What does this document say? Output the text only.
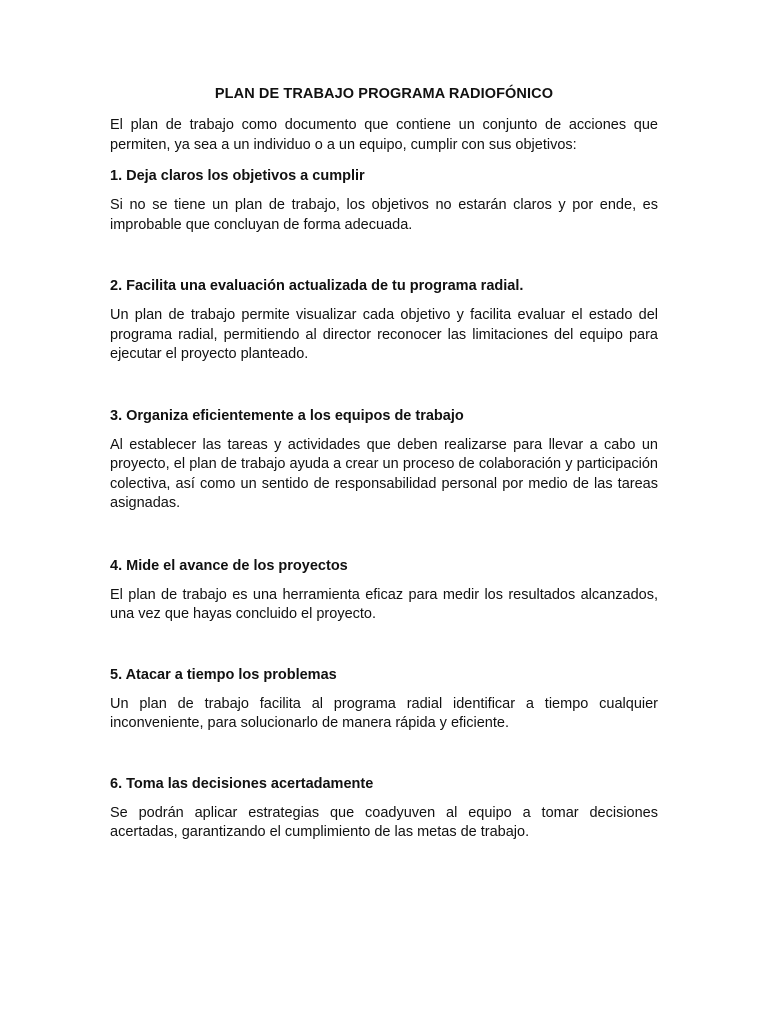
PLAN DE TRABAJO PROGRAMA RADIOFÓNICO
El plan de trabajo como documento que contiene un conjunto de acciones que permiten, ya sea a un individuo o a un equipo, cumplir con sus objetivos:
1. Deja claros los objetivos a cumplir
Si no se tiene un plan de trabajo, los objetivos no estarán claros y por ende, es improbable que concluyan de forma adecuada.
2. Facilita una evaluación actualizada de tu programa radial.
Un plan de trabajo permite visualizar cada objetivo y facilita evaluar el estado del programa radial, permitiendo al director reconocer las limitaciones del equipo para ejecutar el proyecto planteado.
3. Organiza eficientemente a los equipos de trabajo
Al establecer las tareas y actividades que deben realizarse para llevar a cabo un proyecto, el plan de trabajo ayuda a crear un proceso de colaboración y participación colectiva, así como un sentido de responsabilidad personal por medio de las tareas asignadas.
4. Mide el avance de los proyectos
El plan de trabajo es una herramienta eficaz para medir los resultados alcanzados, una vez que hayas concluido el proyecto.
5. Atacar a tiempo los problemas
Un plan de trabajo facilita al programa radial identificar a tiempo cualquier inconveniente, para solucionarlo de manera rápida y eficiente.
6. Toma las decisiones acertadamente
Se podrán aplicar estrategias que coadyuven al equipo a tomar decisiones acertadas, garantizando el cumplimiento de las metas de trabajo.
